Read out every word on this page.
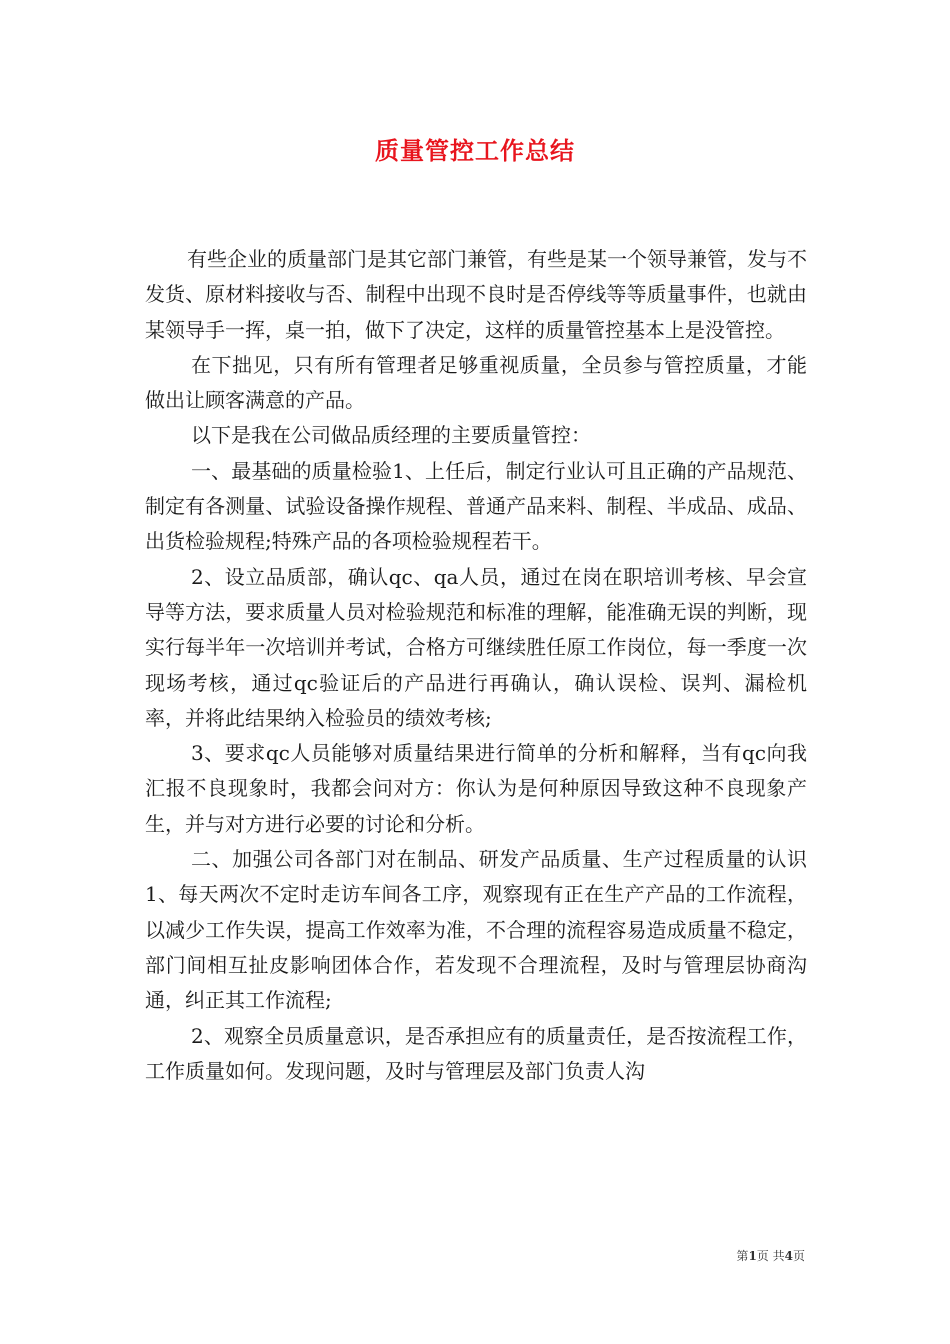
质量管控工作总结

有些企业的质量部门是其它部门兼管，有些是某一个领导兼管，发与不发货、原材料接收与否、制程中出现不良时是否停线等等质量事件，也就由某领导手一挥，桌一拍，做下了决定，这样的质量管控基本上是没管控。

在下拙见，只有所有管理者足够重视质量，全员参与管控质量，才能做出让顾客满意的产品。

以下是我在公司做品质经理的主要质量管控：

一、最基础的质量检验1、上任后，制定行业认可且正确的产品规范、制定有各测量、试验设备操作规程、普通产品来料、制程、半成品、成品、出货检验规程;特殊产品的各项检验规程若干。

2、设立品质部，确认qc、qa人员，通过在岗在职培训考核、早会宣导等方法，要求质量人员对检验规范和标准的理解，能准确无误的判断，现实行每半年一次培训并考试，合格方可继续胜任原工作岗位，每一季度一次现场考核，通过qc验证后的产品进行再确认，确认误检、误判、漏检机率，并将此结果纳入检验员的绩效考核;

3、要求qc人员能够对质量结果进行简单的分析和解释，当有qc向我汇报不良现象时，我都会问对方：你认为是何种原因导致这种不良现象产生，并与对方进行必要的讨论和分析。

二、加强公司各部门对在制品、研发产品质量、生产过程质量的认识1、每天两次不定时走访车间各工序，观察现有正在生产产品的工作流程，以减少工作失误，提高工作效率为准，不合理的流程容易造成质量不稳定，部门间相互扯皮影响团体合作，若发现不合理流程，及时与管理层协商沟通，纠正其工作流程;

2、观察全员质量意识，是否承担应有的质量责任，是否按流程工作，工作质量如何。发现问题，及时与管理层及部门负责人沟

第1页 共4页
